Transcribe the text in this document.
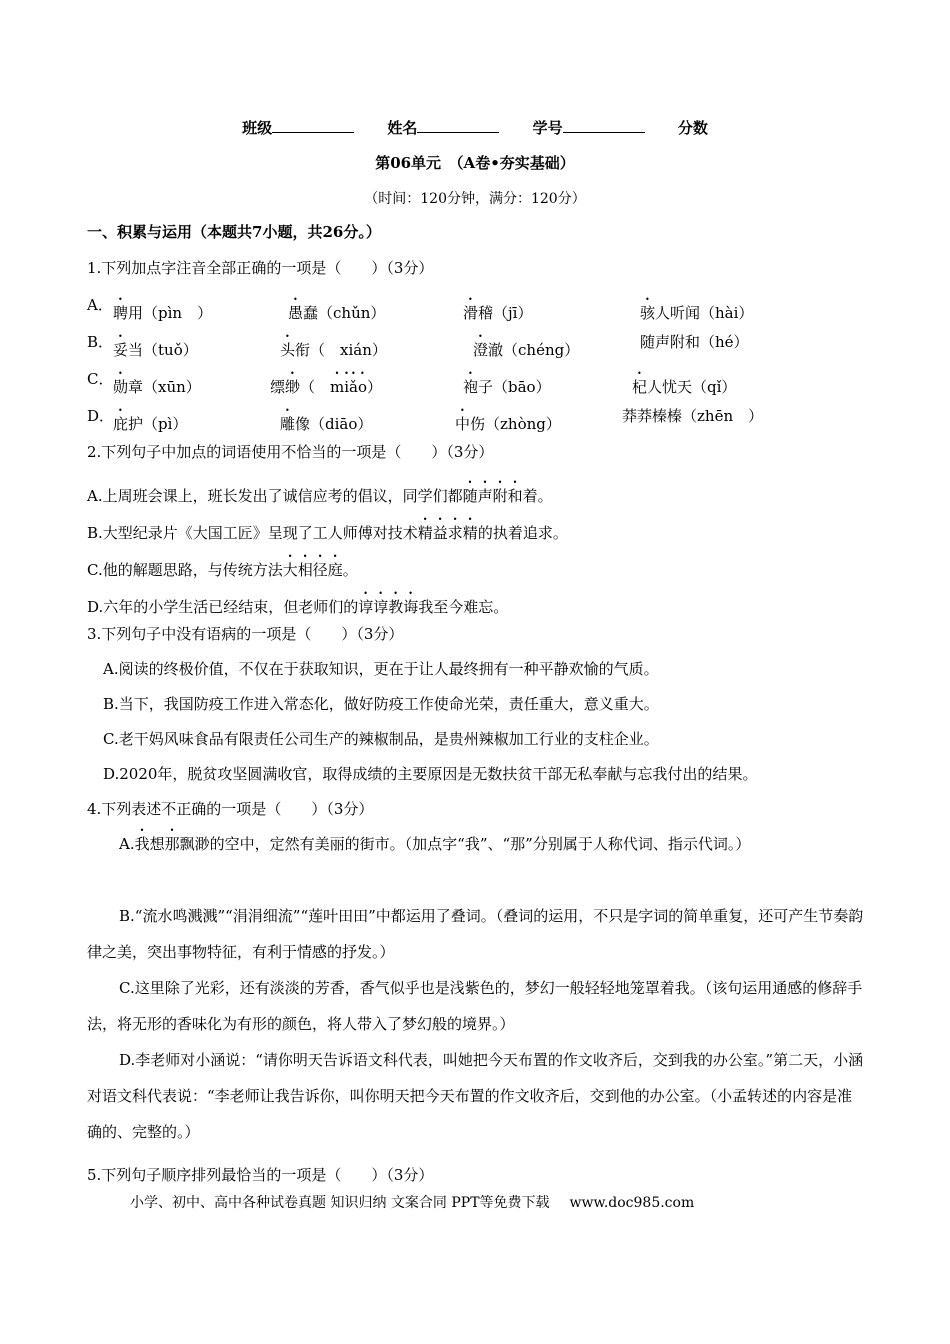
班级	姓名	学号	分数
第06单元　（A卷•夯实基础）
（时间：120分钟，满分：120分）
一、积累与运用（本题共7小题，共26分。）
1.下列加点字注音全部正确的一项是（　　）（3分）
A． 聘用（pìn　）	愚蠢（chǔn）	滑稽（jī）	骇人听闻（hài）
B． 妥当（tuǒ）	头衔（　xián）	澄澈（chéng）	随声附和（hé）
C． 勋章（xūn）	缥缈（　miǎo）	袍子（bāo）	杞人忧天（qǐ）
D．
庇护（pì）	雕像（diāo）	中伤（zhòng）	莽莽榛榛（zhēn　）
2.下列句子中加点的词语使用不恰当的一项是（　　）（3分）
A.上周班会课上，班长发出了诚信应考的倡议，同学们都随声附和着。
B.大型纪录片《大国工匠》呈现了工人师傅对技术精益求精的执着追求。
C.他的解题思路，与传统方法大相径庭。
D.六年的小学生活已经结束，但老师们的谆谆教诲我至今难忘。
3.下列句子中没有语病的一项是（　　）（3分）
A.阅读的终极价值，不仅在于获取知识，更在于让人最终拥有一种平静欢愉的气质。
B.当下，我国防疫工作进入常态化，做好防疫工作使命光荣，责任重大，意义重大。
C.老干妈风味食品有限责任公司生产的辣椒制品，是贵州辣椒加工行业的支柱企业。
D.2020年，脱贫攻坚圆满收官，取得成绩的主要原因是无数扶贫干部无私奉献与忘我付出的结果。
4.下列表述不正确的一项是（　　）（3分）
A.我想那飘渺的空中，定然有美丽的街市。（加点字“我”、“那”分别属于人称代词、指示代词。）
B.“流水鸣溅溅”“涓涓细流”“莲叶田田”中都运用了叠词。（叠词的运用，不只是字词的简单重复，还可产生节奏韵律之美，突出事物特征，有利于情感的抒发。）
C.这里除了光彩，还有淡淡的芳香，香气似乎也是浅紫色的，梦幻一般轻轻地笼罩着我。（该句运用通感的修辞手法，将无形的香味化为有形的颜色，将人带入了梦幻般的境界。）
D.李老师对小涵说：“请你明天告诉语文科代表，叫她把今天布置的作文收齐后，交到我的办公室。”第二天，小涵对语文科代表说：“李老师让我告诉你，叫你明天把今天布置的作文收齐后，交到他的办公室。（小孟转述的内容是准确的、完整的。）
5.下列句子顺序排列最恰当的一项是（　　）（3分）
小学、初中、高中各种试卷真题 知识归纳 文案合同 PPT等免费下载 www.doc985.com
